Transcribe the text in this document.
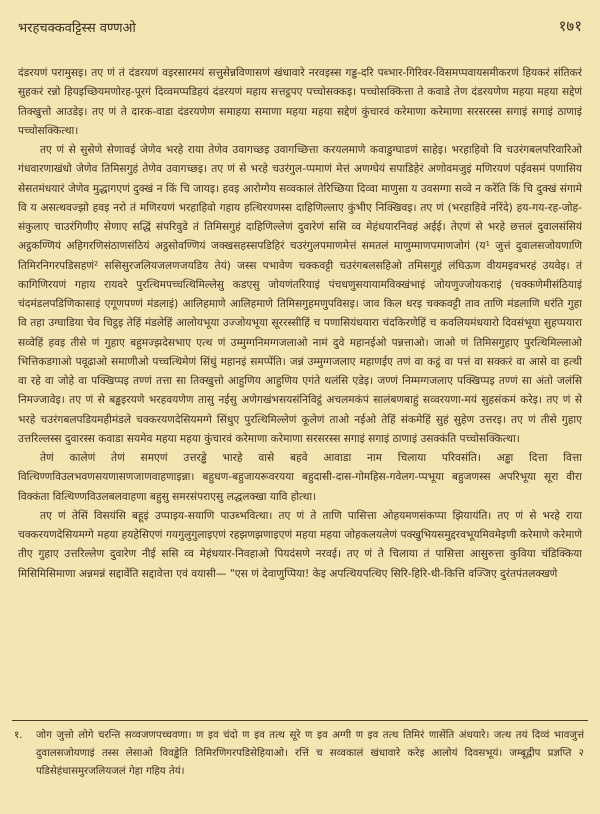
भरहचक्कवट्टिस्स वण्णओ	१७१

दंडरयणं परामुसइ। तए णं तं दंडरयणं वइरसारमयं सत्तुसेन्नविणासणं खंधावारे नरवइस्स गड्ड-दरि पब्भार-गिरिवर-विसमप्पवायसमीकरणं हियकरं संतिकरं सुहकरं रन्नो हियइच्छियमणोरह-पूरगं दिव्वमप्पडिहयं दंडरयणं महाय सत्तट्ठपए पच्चोसक्कइ। पच्चोसक्कित्ता ते कवाडे तेण दंडरयणेण महया महया सद्देणं तिक्खुत्तो आउडेइ। तए णं ते दारक-वाडा दंडरयणेण समाहया समाणा महया महया सद्देणं कुंचारवं करेमाणा करेमाणा सरसरस्स सगाइं सगाइं ठाणाइं पच्चोसक्कित्था।

तए णं से सुसेणे सेणावई जेणेव भरहे राया तेणेव उवागच्छइ उवागच्छित्ता करयलमाणे कवाडुग्घाडणं साहेइ। भरहाहिवो वि चउरंगबलपरिवारिओ गंधवारणाखंधो जेणेव तिमिसगुहं तेणेव उवागच्छइ। तए णं से भरहे चउरंगुल-प्पमाणं मेत्तं अणग्घेयं सपाडिहेरं अणोवमजुइं मणिरयणं पईवसमं पणासिय सेसतमंधयारं जेणेव मुद्धागएणं दुक्खं न किं चि जायइ। हवइ आरोग्गेय सव्वकालं तेरिच्छिया दिव्वा माणुसा य उवसग्गा सव्वे न करेंति किं चि दुक्खं संगामे वि य असत्थवज्झो हवइ नरो तं मणिरयणं भरहाहिवो गहाय हत्थिरयणस्स दाहिणिल्लाए कुंभीए निक्खिवइ। तए णं (भरहाहिवे नरिंदे) हय-गय-रह-जोह-संकुलाए चाउरंगिणीए सेणाए सद्धिं संपरिवुडे तं तिमिसगुहं दाहिणिल्लेणं दुवारेणं ससि व्व मेहंधयारनिवहं अईई। तेएणं से भरहे छत्तलं दुवालसंसियं अट्ठकण्णियं अहिगरणिसंठाणसंठियं अट्ठसोवण्णियं जक्खसहस्सपडिहिरं चउरंगुलपमाणमेत्तं समतलं माणुम्माणपमाणजोगं (य¹ जुत्तं दुवालसजोयणाणि तिमिरनिगरपडिसहणं² ससिसुरजलियजलणजयडिय तेयं) जस्स पभावेण चक्कवट्टी चउरंगबलसहिओ तमिसगुहं लंघिऊण वीयमइवभरहं उयवेइ। तं कागिणिरयणं गहाय रायवरे पुरत्थिमपच्चत्थिमिल्लेसु कडएसु जोयणंतरियाइं पंचधणुसयायामविक्खंभाइं जोयणुज्जोयकराइं (चक्कणेमीसंठियाइं चंदमंडलपडिणिकासाइं एगूणपण्णं मंडलाइं) आलिहमाणे आलिहमाणे तिमिसगुहमणुपविसइ। जाव किल धरइ चक्कवट्टी ताव ताणि मंडलाणि धरंति गुहा वि तहा उग्घाडिया चेव चिट्ठइ तेहिं मंडलेहिं आलोयभूया उज्जोयभूया सूररस्सीहिं च पणासियंधयारा चंदकिरणेहिं च कवलियमंधयारो दिवसंभूया सुहप्पयारा सव्वेहिं हवइ तीसे णं गुहाए बहुमज्झदेसभाए एत्थ णं उम्मुग्गनिमग्गजलाओ नामं दुवे महानईओ पन्नत्ताओ। जाओ णं तिमिसगुहाए पुरत्थिमिल्लाओ भित्तिकडगाओ पवूढाओ समाणीओ पच्चत्थिमेणं सिंधुं महानइं समप्पेंति। जन्नं उम्मुग्गजलाए महाणईए तणं वा कट्ठं वा पत्तं वा सक्करं वा आसे वा हत्थी वा रहे वा जोहे वा पक्खिप्पइ तण्णं तत्ता सा तिक्खुत्तो आहुणिय आहुणिय एगंते थलंसि एडेइ। जण्णं निम्मग्गजलाए पक्खिप्पइ तण्णं सा अंतो जलंसि निमज्जावेइ। तए णं से बड्ढइरयणे भरहवयणेण तासु नईसु अणेगखंभसयसंनिविट्ठं अचलमकंपं सालंबणबाहुं सव्वरयणा-मयं सुहसंकमं करेइ। तए णं से भरहे चउरंगबलपडियमहीमंडले चक्करयणदेसियमग्गे सिंधुए पुरत्थिमिल्लेणं कूलेणं ताओ नईओ तेहिं संकमेहिं सुहं सुहेण उत्तरइ। तए णं तीसे गुहाए उत्तरिल्लस्स दुवारस्स कवाडा सयमेव महया महया कुंचारवं करेमाणा करेमाणा सरसरस्स सगाइं सगाइं ठाणाइं उसक्कंति पच्चोसक्कित्था।

तेणं कालेणं तेणं समएणं उत्तरड्ढे भारहे वासे बहवे आवाडा नाम चिलाया परिवसंति। अड्ढा दित्ता वित्ता वित्थिण्णविउलभवणसयणासणजाणवाहणाइन्ना। बहुधण-बहुजायरूवरयया बहुदासी-दास-गोमहिस-गवेलग-प्पभूया बहुजणस्स अपरिभूया सूरा वीरा विक्कंता वित्थिण्णविउलबलवाहणा बहुसु समरसंपराएसु लद्धलक्खा यावि होत्था।

तए णं तेसिं विसयंसि बहूइं उप्पाइय-सयाणि पाउब्भवित्था। तए णं ते ताणि पासित्ता ओहयमणसंकप्पा झियायंति। तए णं से भरहे राया चक्करयणदेसियमग्गे महया हयहेसिएणं गयगुलुगुलाइएणं रहझणझणाइएणं महया महया जोहकलयलेणं पक्खुभियसमुद्दरवभूयमिवमेइणी करेमाणे करेमाणे तीए गुहाए उत्तरिल्लेण दुवारेण नीई ससि व्व मेहंधयार-निवहाओ पियदंसणे नरवई। तए णं ते चिलाया तं पासित्ता आसुरुत्ता कुविया चंडिक्किया मिसिमिसिमाणा अन्नमन्नं सद्दावेंति सद्दावेत्ता एवं वयासी— "एस णं देवाणुप्पिया! केइ अपत्थियपत्थिए सिरि-हिरि-धी-कित्ति वज्जिए दुरंतपंतलक्खणे

१. जोग जुत्तो लोगे चरन्ति सव्वजणपच्चवणा। ण इव चंदो ण इव तत्थ सूरे ण इव अग्गी ण इव तत्थ तिमिरं णासेंति अंधयारे। जत्थ तयं दिव्वं भावजुत्तं दुवालसजोयणाइं तस्स लेसाओ विवड्ढेति तिमिरणिगरपडिसेहियाओ। रत्तिं च सव्वकालं खंधावारे करेइ आलोयं दिवसभूयं। जम्बूद्वीप प्रज्ञप्ति २ पडिसेहंधासमुरजलियजलं गेहा गहिय तेयं।
